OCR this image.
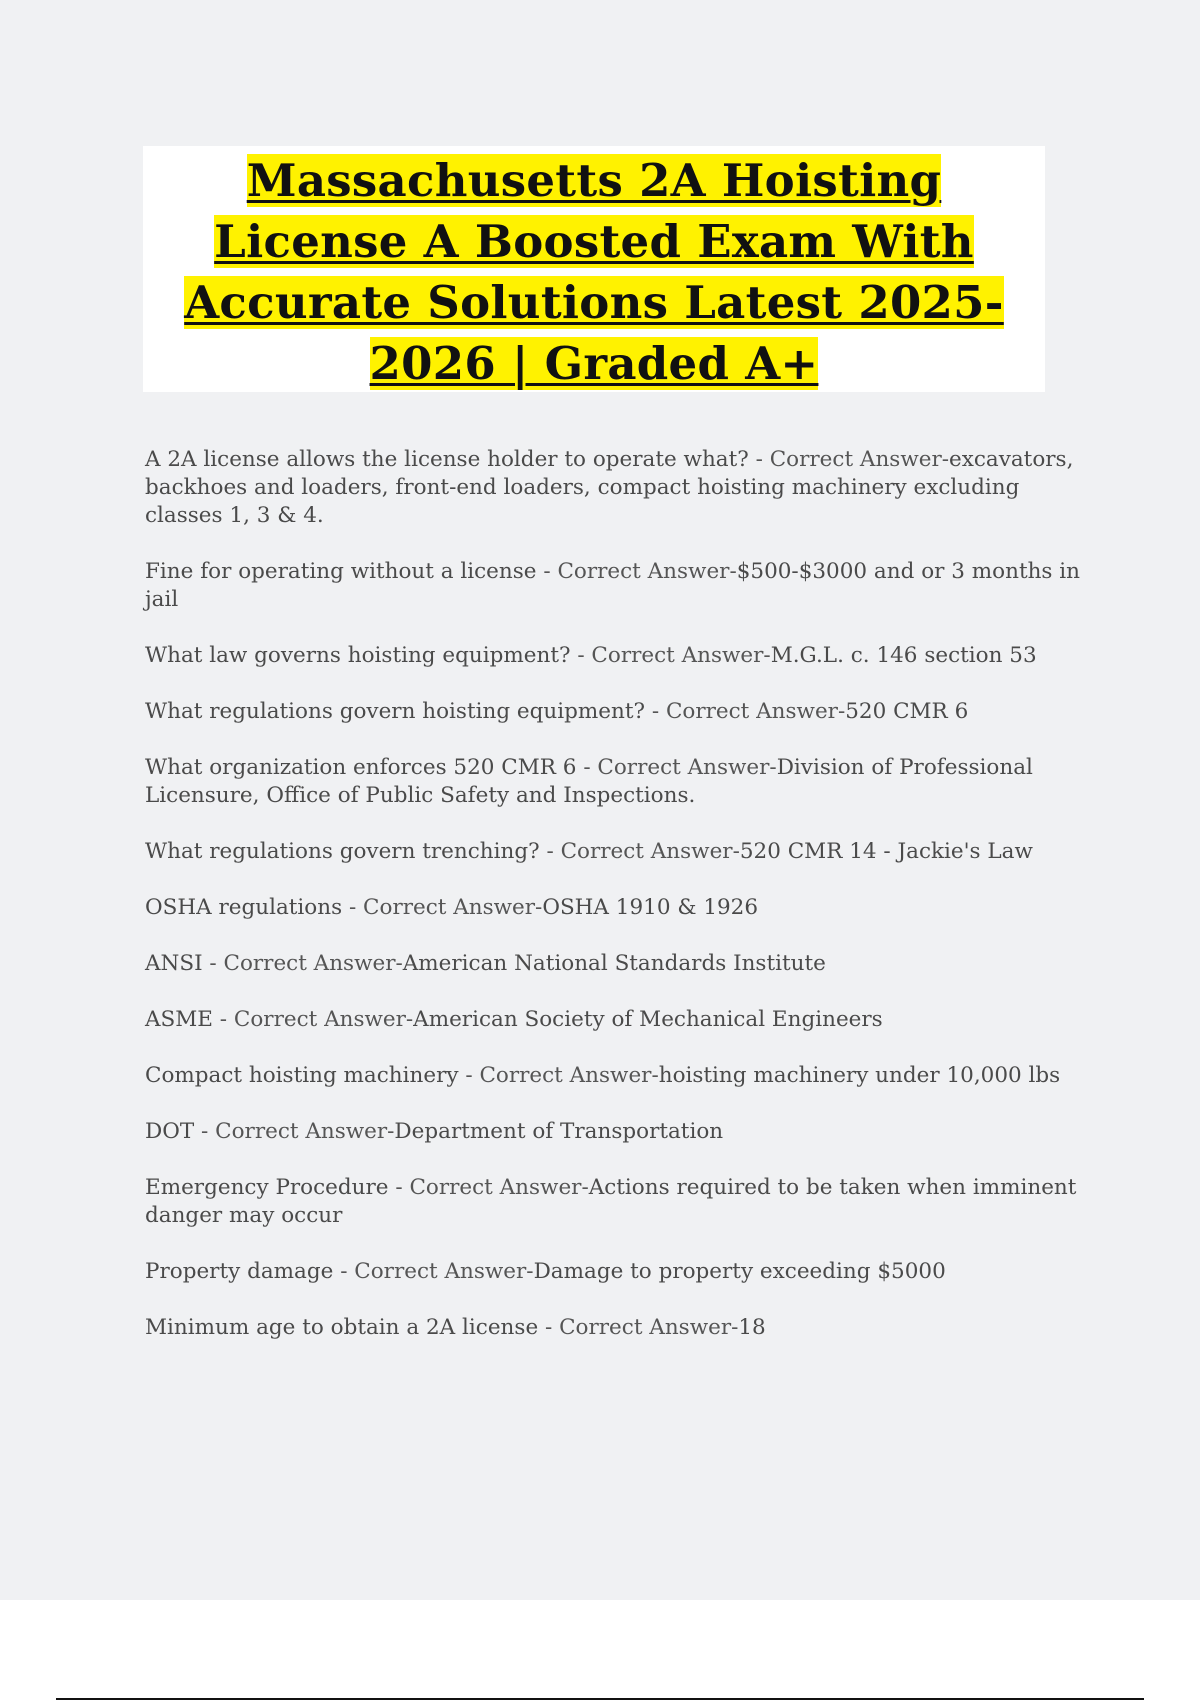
Massachusetts 2A Hoisting License A Boosted Exam With Accurate Solutions Latest 2025-2026 | Graded A+
A 2A license allows the license holder to operate what? - Correct Answer-excavators, backhoes and loaders, front-end loaders, compact hoisting machinery excluding classes 1, 3 & 4.
Fine for operating without a license - Correct Answer-$500-$3000 and or 3 months in jail
What law governs hoisting equipment? - Correct Answer-M.G.L. c. 146 section 53
What regulations govern hoisting equipment? - Correct Answer-520 CMR 6
What organization enforces 520 CMR 6 - Correct Answer-Division of Professional Licensure, Office of Public Safety and Inspections.
What regulations govern trenching? - Correct Answer-520 CMR 14 - Jackie's Law
OSHA regulations - Correct Answer-OSHA 1910 & 1926
ANSI - Correct Answer-American National Standards Institute
ASME - Correct Answer-American Society of Mechanical Engineers
Compact hoisting machinery - Correct Answer-hoisting machinery under 10,000 lbs
DOT - Correct Answer-Department of Transportation
Emergency Procedure - Correct Answer-Actions required to be taken when imminent danger may occur
Property damage - Correct Answer-Damage to property exceeding $5000
Minimum age to obtain a 2A license - Correct Answer-18
